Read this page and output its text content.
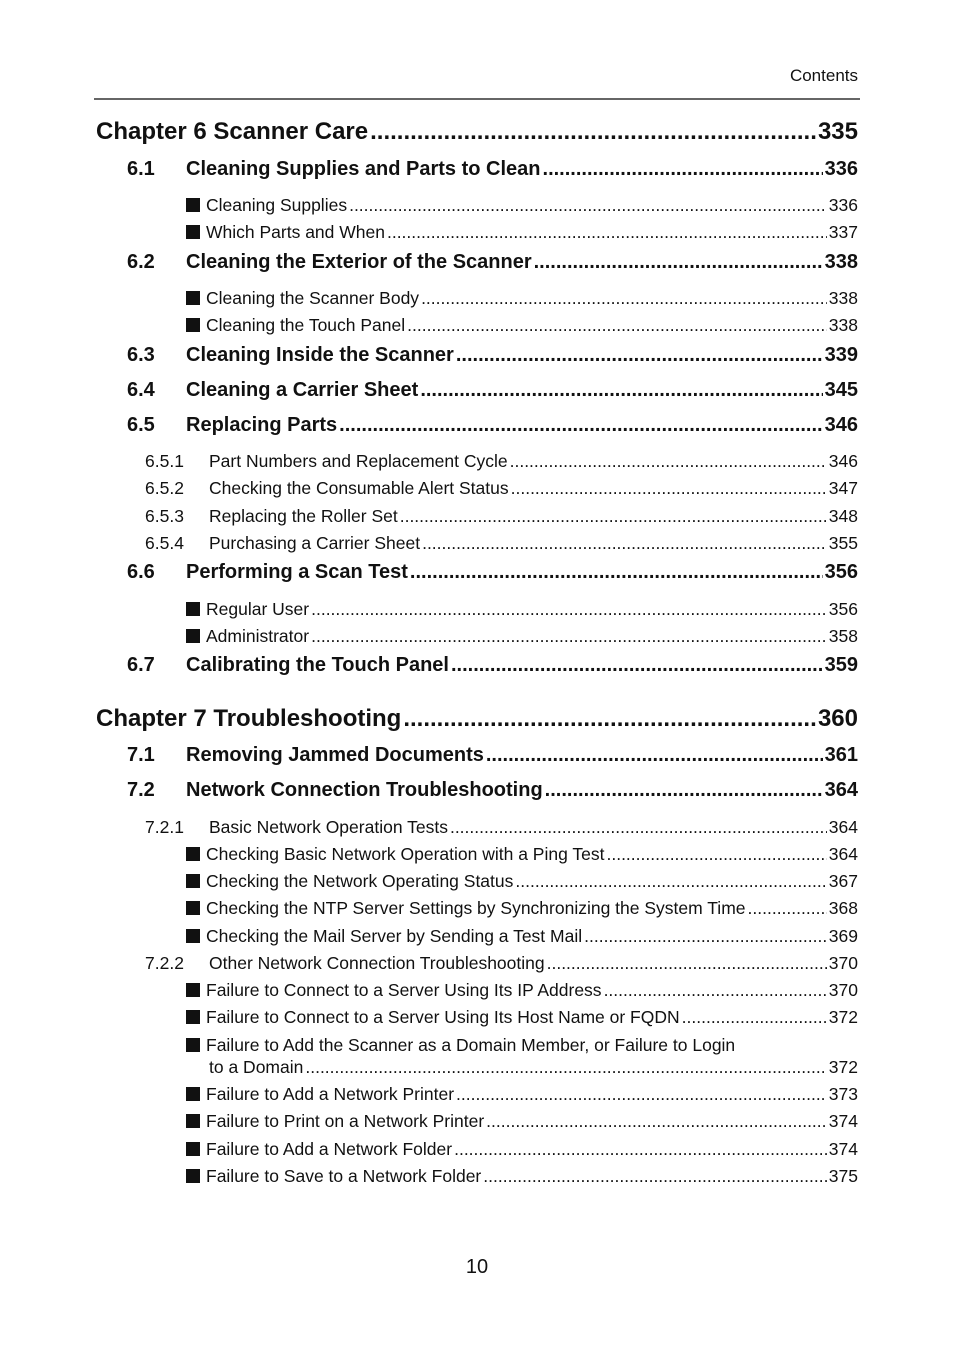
Contents
Chapter 6 Scanner Care .....	335
6.1 Cleaning Supplies and Parts to Clean .....	336
Cleaning Supplies .....	336
Which Parts and When .....	337
6.2 Cleaning the Exterior of the Scanner .....	338
Cleaning the Scanner Body .....	338
Cleaning the Touch Panel .....	338
6.3 Cleaning Inside the Scanner .....	339
6.4 Cleaning a Carrier Sheet .....	345
6.5 Replacing Parts .....	346
6.5.1 Part Numbers and Replacement Cycle .....	346
6.5.2 Checking the Consumable Alert Status .....	347
6.5.3 Replacing the Roller Set .....	348
6.5.4 Purchasing a Carrier Sheet .....	355
6.6 Performing a Scan Test .....	356
Regular User .....	356
Administrator .....	358
6.7 Calibrating the Touch Panel .....	359
Chapter 7 Troubleshooting .....	360
7.1 Removing Jammed Documents .....	361
7.2 Network Connection Troubleshooting .....	364
7.2.1 Basic Network Operation Tests .....	364
Checking Basic Network Operation with a Ping Test .....	364
Checking the Network Operating Status .....	367
Checking the NTP Server Settings by Synchronizing the System Time .....	368
Checking the Mail Server by Sending a Test Mail .....	369
7.2.2 Other Network Connection Troubleshooting .....	370
Failure to Connect to a Server Using Its IP Address .....	370
Failure to Connect to a Server Using Its Host Name or FQDN .....	372
Failure to Add the Scanner as a Domain Member, or Failure to Login
to a Domain .....	372
Failure to Add a Network Printer .....	373
Failure to Print on a Network Printer .....	374
Failure to Add a Network Folder .....	374
Failure to Save to a Network Folder .....	375
10
